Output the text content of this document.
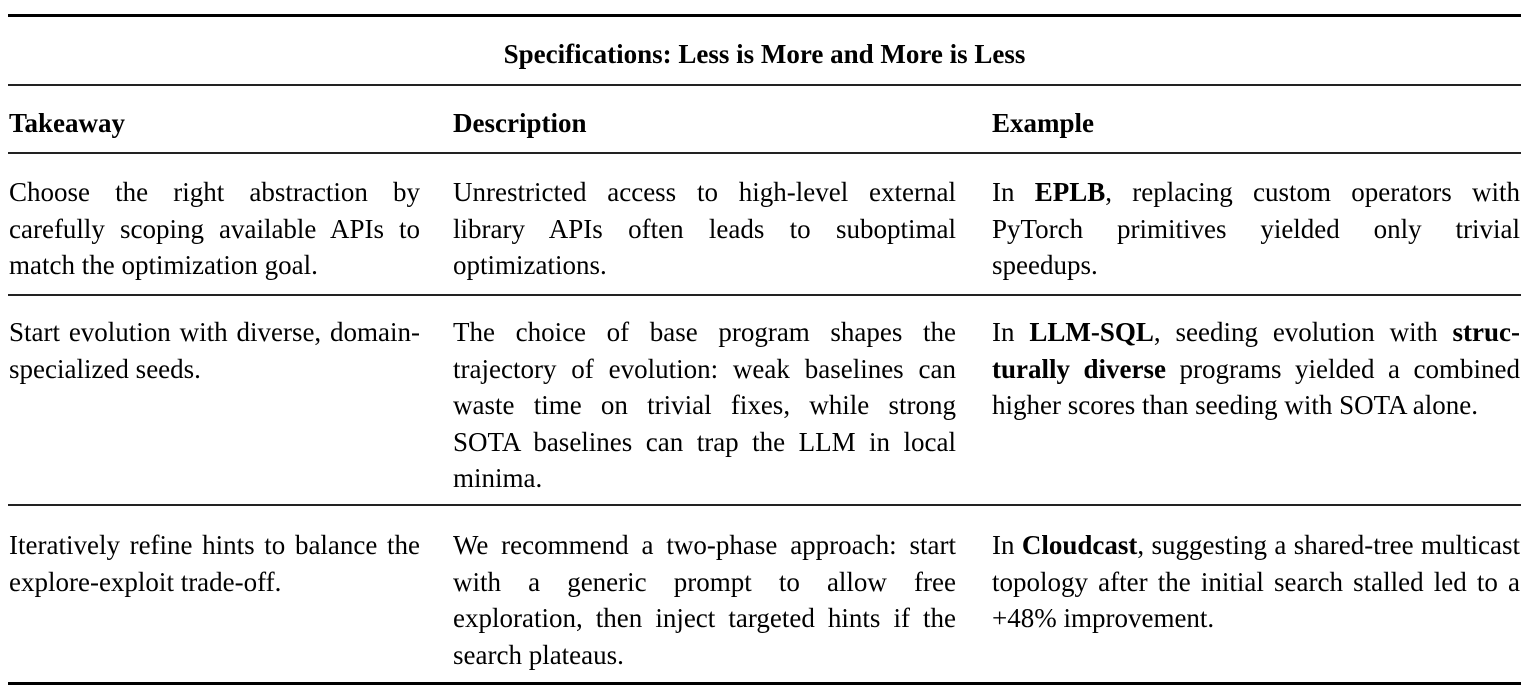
Specifications: Less is More and More is Less
Takeaway	Description	Example
Choose the right abstraction by carefully scoping available APIs to match the optimization goal.
Unrestricted access to high-level external library APIs often leads to suboptimal optimizations.
In EPLB, replacing custom operators with PyTorch primitives yielded only trivial speedups.
Start evolution with diverse, domain-specialized seeds.
The choice of base program shapes the trajectory of evolution: weak baselines can waste time on trivial fixes, while strong SOTA baselines can trap the LLM in local minima.
In LLM-SQL, seeding evolution with structurally diverse programs yielded a combined higher scores than seeding with SOTA alone.
Iteratively refine hints to balance the explore-exploit trade-off.
We recommend a two-phase approach: start with a generic prompt to allow free exploration, then inject targeted hints if the search plateaus.
In Cloudcast, suggesting a shared-tree multicast topology after the initial search stalled led to a +48% improvement.
